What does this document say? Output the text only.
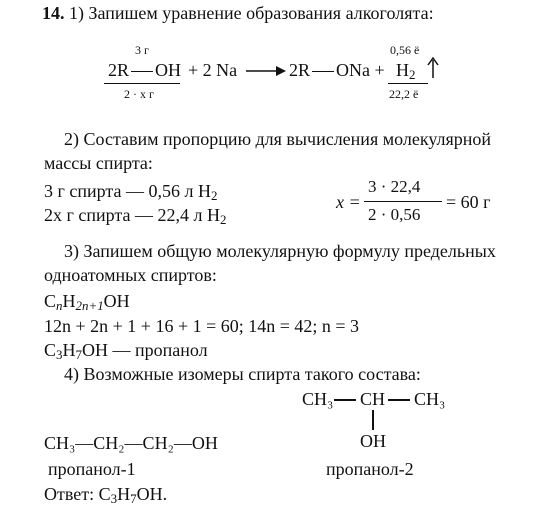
14. 1) Запишем уравнение образования алкоголята:
3 г
2R OH
2 · x г
+ 2 Na → 2R ONa +
0,56 ё
$H_2$
22,2 ё
2) Составим пропорцию для вычисления молекулярной
массы спирта:
3 г спирта — 0,56 л $H_2$
2x г спирта — 22,4 л $H_2$
x =
3 · 22,4
2 · 0,56
= 60 г
3) Запишем общую молекулярную формулу предельных
одноатомных спиртов:
$C_nH_{2n+1}OH$
12n + 2n + 1 + 16 + 1 = 60; 14n = 42; n = 3
$C_3H_7OH$ — пропанол
4) Возможные изомеры спирта такого состава:
CH₃ CH CH₃
OH
пропанол-2
CH₃—CH₂—CH₂—OH
пропанол-1
Ответ: $C_3H_7OH$.
